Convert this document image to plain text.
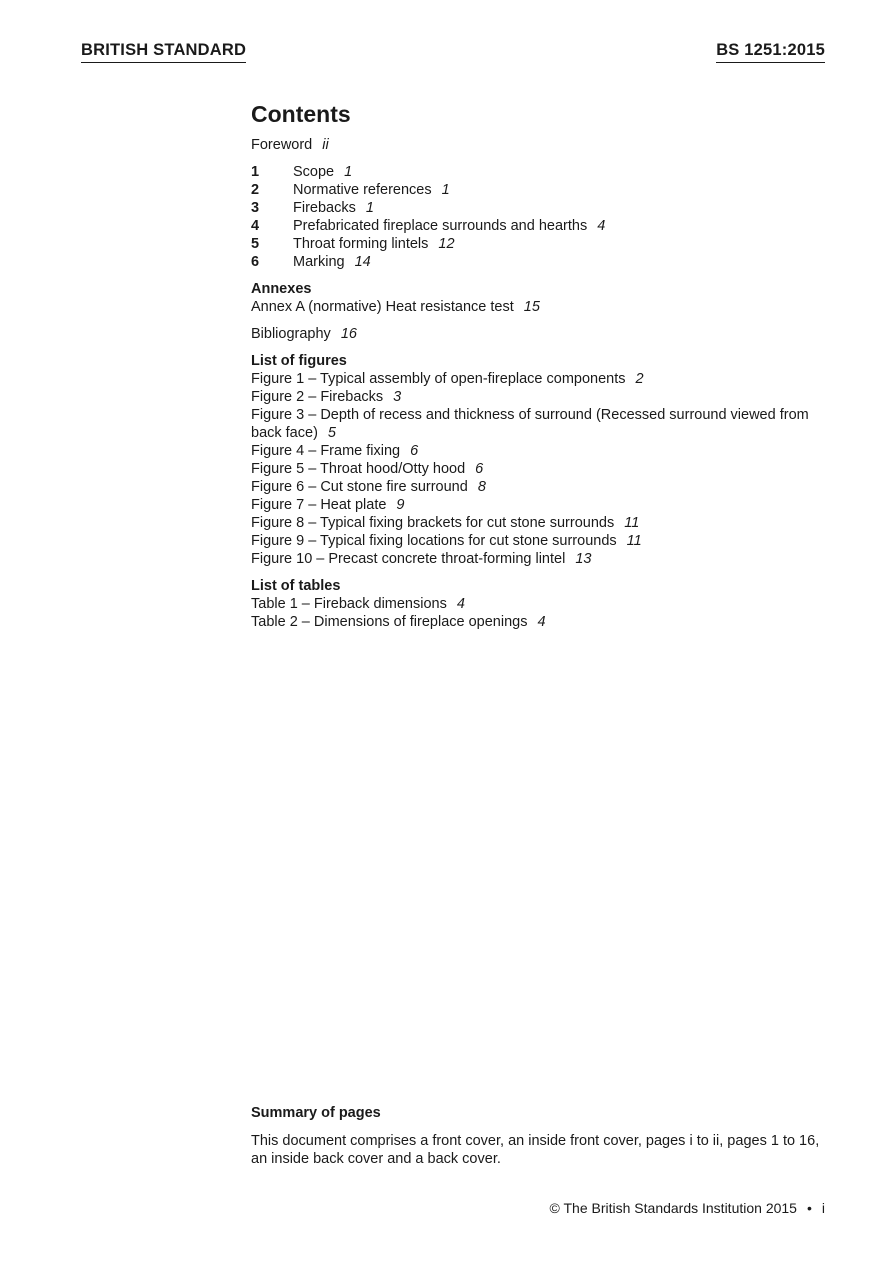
BRITISH STANDARD	BS 1251:2015
Contents
Foreword ii
1	Scope 1
2	Normative references 1
3	Firebacks 1
4	Prefabricated fireplace surrounds and hearths 4
5	Throat forming lintels 12
6	Marking 14
Annexes
Annex A (normative) Heat resistance test 15
Bibliography 16
List of figures
Figure 1 – Typical assembly of open-fireplace components 2
Figure 2 – Firebacks 3
Figure 3 – Depth of recess and thickness of surround (Recessed surround viewed from back face) 5
Figure 4 – Frame fixing 6
Figure 5 – Throat hood/Otty hood 6
Figure 6 – Cut stone fire surround 8
Figure 7 – Heat plate 9
Figure 8 – Typical fixing brackets for cut stone surrounds 11
Figure 9 – Typical fixing locations for cut stone surrounds 11
Figure 10 – Precast concrete throat-forming lintel 13
List of tables
Table 1 – Fireback dimensions 4
Table 2 – Dimensions of fireplace openings 4
Summary of pages
This document comprises a front cover, an inside front cover, pages i to ii, pages 1 to 16, an inside back cover and a back cover.
© The British Standards Institution 2015 • i
